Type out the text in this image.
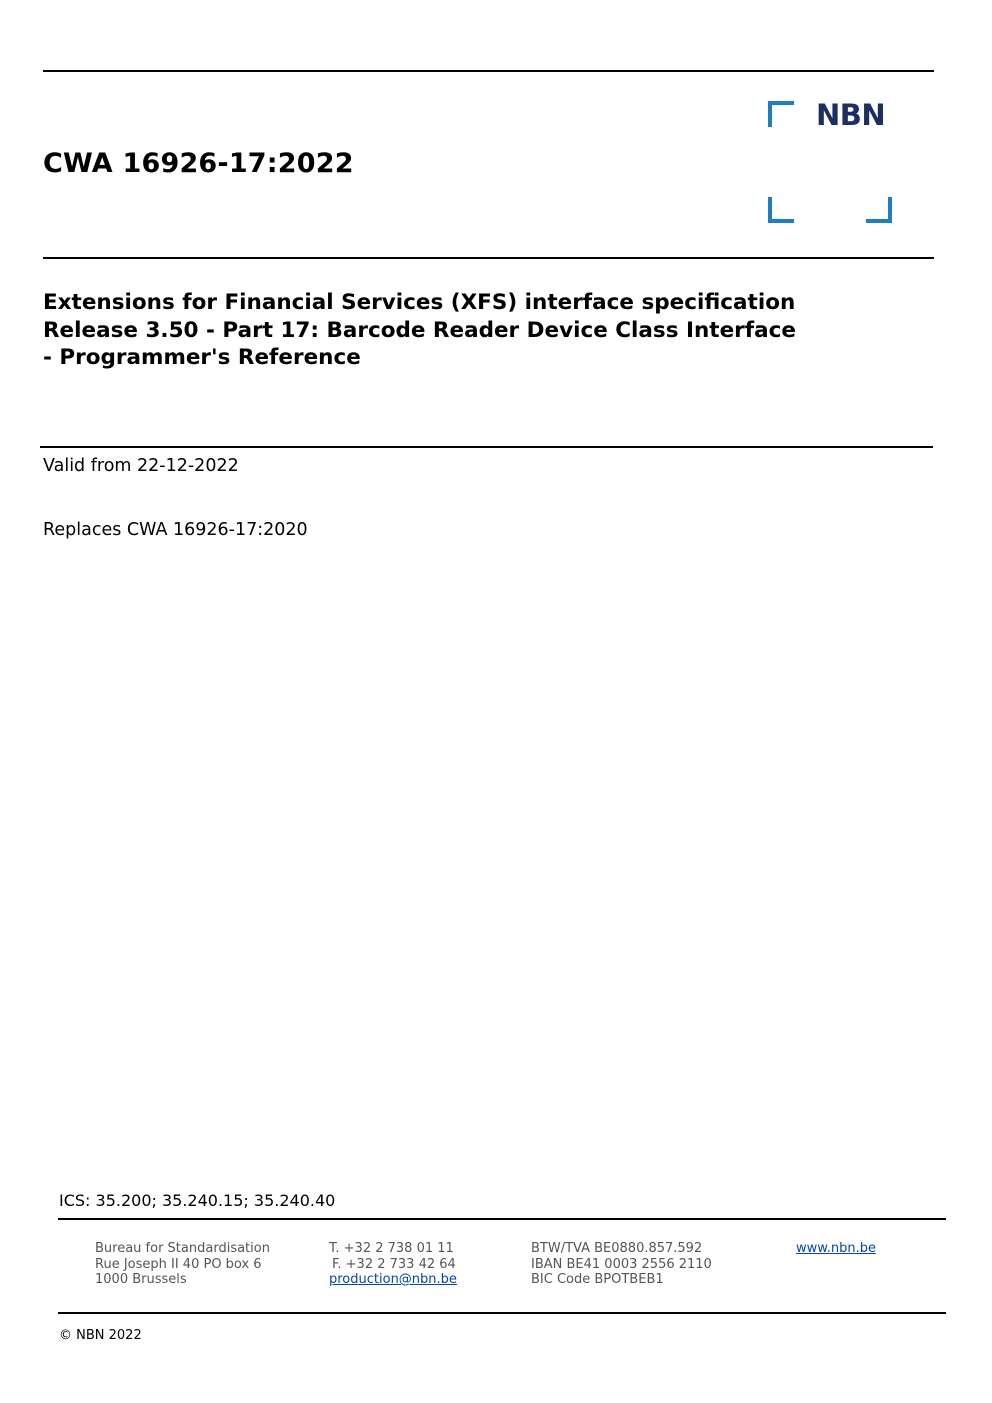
CWA 16926-17:2022
NBN
Extensions for Financial Services (XFS) interface specification
Release 3.50 - Part 17: Barcode Reader Device Class Interface
- Programmer's Reference
Valid from 22-12-2022
Replaces CWA 16926-17:2020
ICS: 35.200; 35.240.15; 35.240.40
Bureau for Standardisation
Rue Joseph II 40 PO box 6
1000 Brussels
T. +32 2 738 01 11
F. +32 2 733 42 64
production@nbn.be
BTW/TVA BE0880.857.592
IBAN BE41 0003 2556 2110
BIC Code BPOTBEB1
www.nbn.be
© NBN 2022
